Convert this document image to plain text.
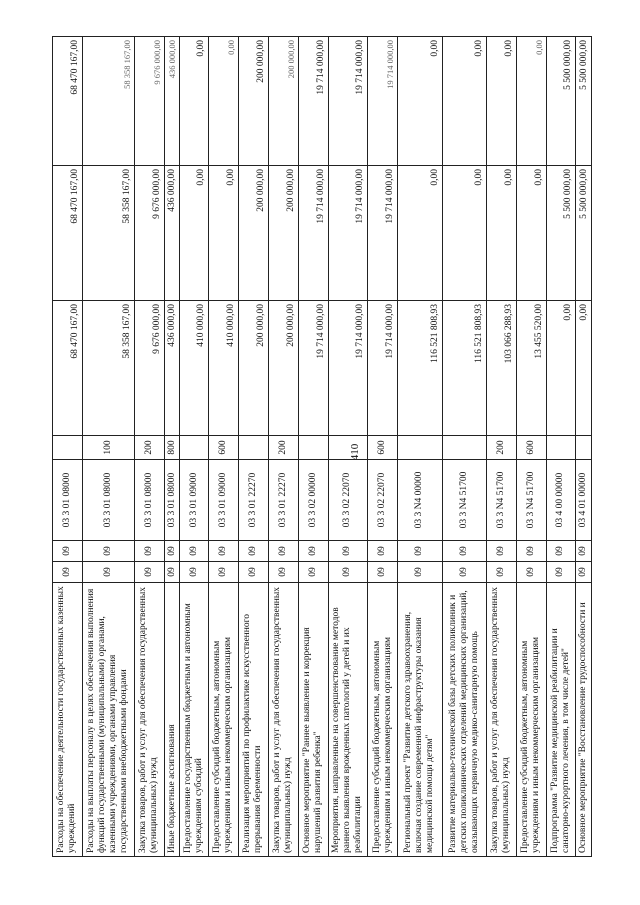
410
Расходы на обеспечение деятельности государственных казенных учреждений	09	09	03 3 01 08000		68 470 167,00	68 470 167,00	68 470 167,00
Расходы на выплаты персоналу в целях обеспечения выполнения функций государственными (муниципальными) органами, казенными учреждениями, органами управления государственными внебюджетными фондами	09	09	03 3 01 08000	100	58 358 167,00	58 358 167,00	58 358 167,00
Закупка товаров, работ и услуг для обеспечения государственных (муниципальных) нужд	09	09	03 3 01 08000	200	9 676 000,00	9 676 000,00	9 676 000,00
Иные бюджетные ассигнования	09	09	03 3 01 08000	800	436 000,00	436 000,00	436 000,00
Предоставление государственным бюджетным и автономным учреждениям субсидий	09	09	03 3 01 09000		410 000,00	0,00	0,00
Предоставление субсидий бюджетным, автономным учреждениям и иным некоммерческим организациям	09	09	03 3 01 09000	600	410 000,00	0,00	0,00
Реализация мероприятий по профилактике искусственного прерывания беременности	09	09	03 3 01 22270		200 000,00	200 000,00	200 000,00
Закупка товаров, работ и услуг для обеспечения государственных (муниципальных) нужд	09	09	03 3 01 22270	200	200 000,00	200 000,00	200 000,00
Основное мероприятие "Раннее выявление и коррекция нарушений развития ребенка"	09	09	03 3 02 00000		19 714 000,00	19 714 000,00	19 714 000,00
Мероприятия, направленные на совершенствование методов раннего выявления врожденных патологий у детей и их реабилитации	09	09	03 3 02 22070		19 714 000,00	19 714 000,00	19 714 000,00
Предоставление субсидий бюджетным, автономным учреждениям и иным некоммерческим организациям	09	09	03 3 02 22070	600	19 714 000,00	19 714 000,00	19 714 000,00
Региональный проект "Развитие детского здравоохранения, включая создание современной инфраструктуры оказания медицинской помощи детям"	09	09	03 3 N4 00000		116 521 808,93	0,00	0,00
Развитие материально-технической базы детских поликлиник и детских поликлинических отделений медицинских организаций, оказывающих первичную медико-санитарную помощь	09	09	03 3 N4 51700		116 521 808,93	0,00	0,00
Закупка товаров, работ и услуг для обеспечения государственных (муниципальных) нужд	09	09	03 3 N4 51700	200	103 066 288,93	0,00	0,00
Предоставление субсидий бюджетным, автономным учреждениям и иным некоммерческим организациям	09	09	03 3 N4 51700	600	13 455 520,00	0,00	0,00
Подпрограмма "Развитие медицинской реабилитации и санаторно-курортного лечения, в том числе детей"	09	09	03 4 00 00000		0,00	5 500 000,00	5 500 000,00
Основное мероприятие "Восстановление трудоспособности и	09	09	03 4 01 00000		0,00	5 500 000,00	5 500 000,00
